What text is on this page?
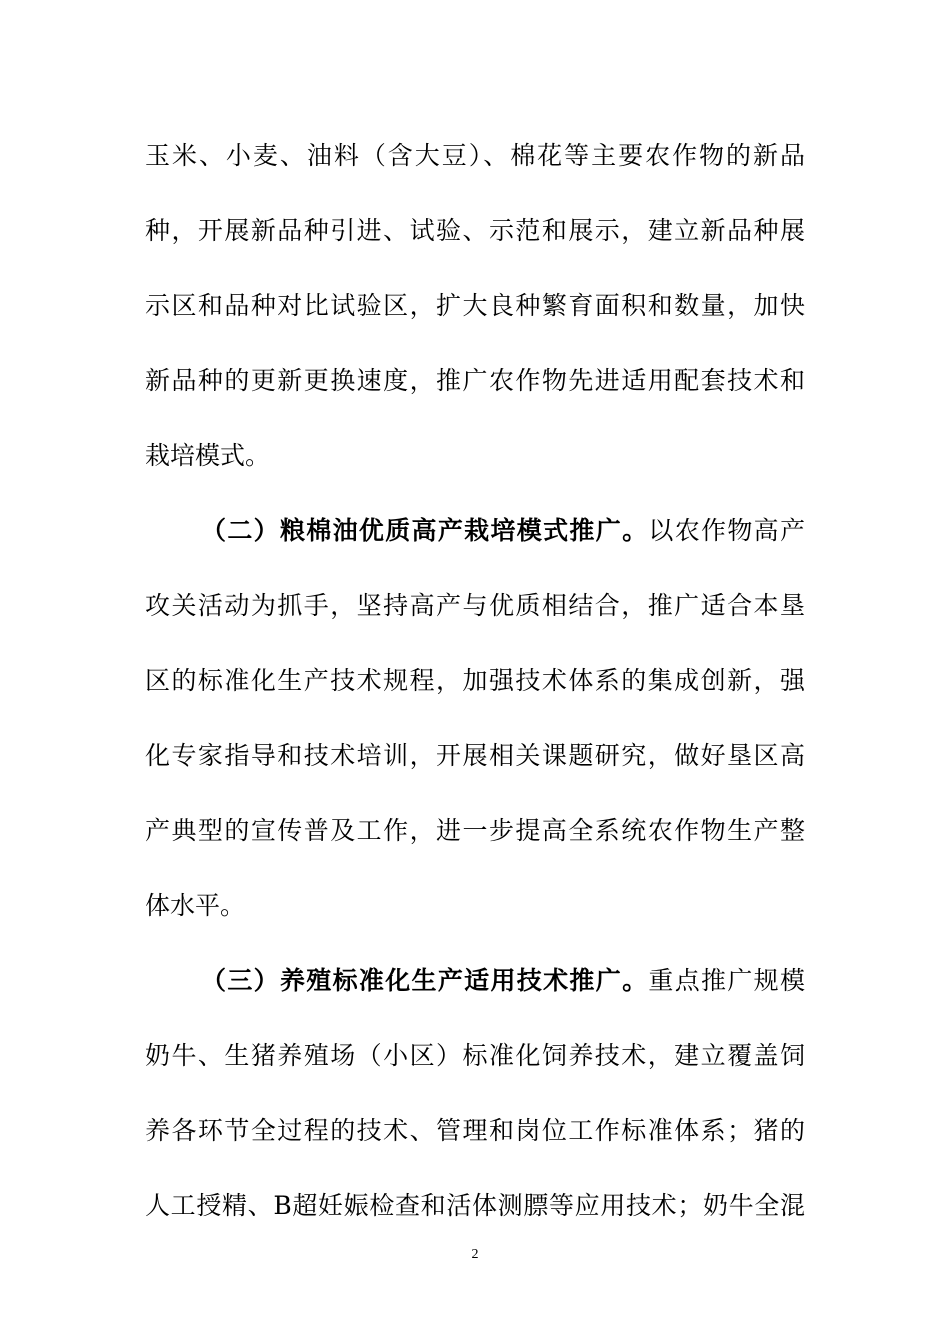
玉米、小麦、油料（含大豆）、棉花等主要农作物的新品
种，开展新品种引进、试验、示范和展示，建立新品种展
示区和品种对比试验区，扩大良种繁育面积和数量，加快
新品种的更新更换速度，推广农作物先进适用配套技术和
栽培模式。
（二）粮棉油优质高产栽培模式推广。以农作物高产
攻关活动为抓手，坚持高产与优质相结合，推广适合本垦
区的标准化生产技术规程，加强技术体系的集成创新，强
化专家指导和技术培训，开展相关课题研究，做好垦区高
产典型的宣传普及工作，进一步提高全系统农作物生产整
体水平。
（三）养殖标准化生产适用技术推广。重点推广规模
奶牛、生猪养殖场（小区）标准化饲养技术，建立覆盖饲
养各环节全过程的技术、管理和岗位工作标准体系；猪的
人工授精、B超妊娠检查和活体测膘等应用技术；奶牛全混
2
